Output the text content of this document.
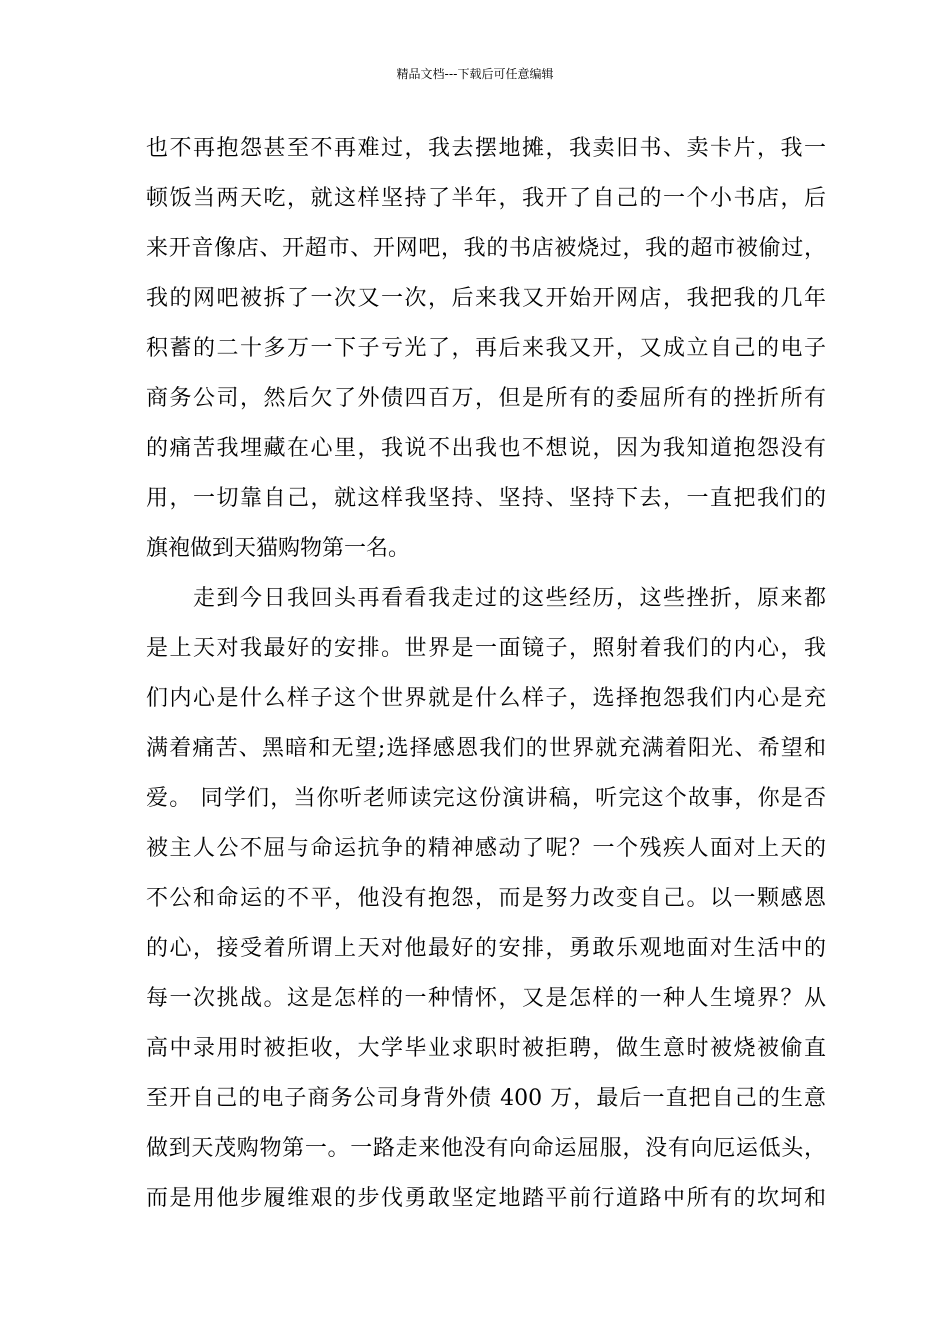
精品文档---下载后可任意编辑
也不再抱怨甚至不再难过，我去摆地摊，我卖旧书、卖卡片，我一
顿饭当两天吃，就这样坚持了半年，我开了自己的一个小书店，后
来开音像店、开超市、开网吧，我的书店被烧过，我的超市被偷过，
我的网吧被拆了一次又一次，后来我又开始开网店，我把我的几年
积蓄的二十多万一下子亏光了，再后来我又开，又成立自己的电子
商务公司，然后欠了外债四百万，但是所有的委屈所有的挫折所有
的痛苦我埋藏在心里，我说不出我也不想说，因为我知道抱怨没有
用，一切靠自己，就这样我坚持、坚持、坚持下去，一直把我们的
旗袍做到天猫购物第一名。
　　走到今日我回头再看看我走过的这些经历，这些挫折，原来都
是上天对我最好的安排。世界是一面镜子，照射着我们的内心，我
们内心是什么样子这个世界就是什么样子，选择抱怨我们内心是充
满着痛苦、黑暗和无望;选择感恩我们的世界就充满着阳光、希望和
爱。 同学们，当你听老师读完这份演讲稿，听完这个故事，你是否
被主人公不屈与命运抗争的精神感动了呢？一个残疾人面对上天的
不公和命运的不平，他没有抱怨，而是努力改变自己。以一颗感恩
的心，接受着所谓上天对他最好的安排，勇敢乐观地面对生活中的
每一次挑战。这是怎样的一种情怀，又是怎样的一种人生境界？从
高中录用时被拒收，大学毕业求职时被拒聘，做生意时被烧被偷直
至开自己的电子商务公司身背外债 400 万，最后一直把自己的生意
做到天茂购物第一。一路走来他没有向命运屈服，没有向厄运低头，
而是用他步履维艰的步伐勇敢坚定地踏平前行道路中所有的坎坷和
